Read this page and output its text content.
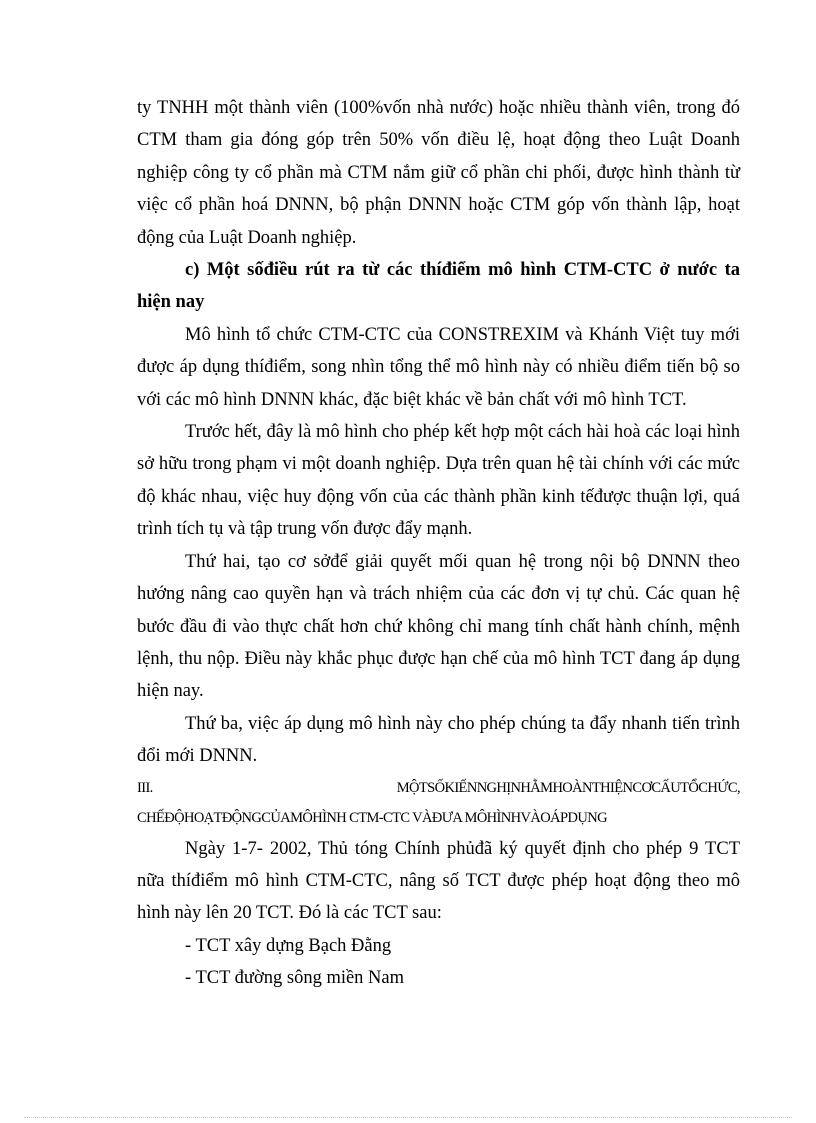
ty TNHH một thành viên (100%vốn nhà nước) hoặc nhiều thành viên, trong đó CTM tham gia đóng góp trên 50% vốn điều lệ, hoạt động theo Luật Doanh nghiệp công ty cổ phần mà CTM nắm giữ cổ phần chi phối, được hình thành từ việc cổ phần hoá DNNN, bộ phận DNNN hoặc CTM góp vốn thành lập, hoạt động của Luật Doanh nghiệp.

c) Một sốđiều rút ra từ các thíđiểm mô hình CTM-CTC ở nước ta hiện nay

Mô hình tổ chức CTM-CTC của CONSTREXIM và Khánh Việt tuy mới được áp dụng thíđiểm, song nhìn tổng thể mô hình này có nhiều điểm tiến bộ so với các mô hình DNNN khác, đặc biệt khác về bản chất với mô hình TCT.

Trước hết, đây là mô hình cho phép kết hợp một cách hài hoà các loại hình sở hữu trong phạm vi một doanh nghiệp. Dựa trên quan hệ tài chính với các mức độ khác nhau, việc huy động vốn của các thành phần kinh tếđược thuận lợi, quá trình tích tụ và tập trung vốn được đẩy mạnh.

Thứ hai, tạo cơ sởđể giải quyết mối quan hệ trong nội bộ DNNN theo hướng nâng cao quyền hạn và trách nhiệm của các đơn vị tự chủ. Các quan hệ bước đầu đi vào thực chất hơn chứ không chỉ mang tính chất hành chính, mệnh lệnh, thu nộp. Điều này khắc phục được hạn chế của mô hình TCT đang áp dụng hiện nay.

Thứ ba, việc áp dụng mô hình này cho phép chúng ta đẩy nhanh tiến trình đổi mới DNNN.

III.	MỘTSỐKIẾNNGHỊNHẰMHOÀNTHIỆNCƠCẤUTỔCHỨC,
CHẾĐỘHOẠTĐỘNGCỦAMÔHÌNH CTM-CTC VÀĐƯA MÔHÌNHVÀOÁPDỤNG

Ngày 1-7- 2002, Thủ tóng Chính phủđã ký quyết định cho phép 9 TCT nữa thíđiểm mô hình CTM-CTC, nâng số TCT được phép hoạt động theo mô hình này lên 20 TCT. Đó là các TCT sau:

- TCT xây dựng Bạch Đằng

- TCT đường sông miền Nam
